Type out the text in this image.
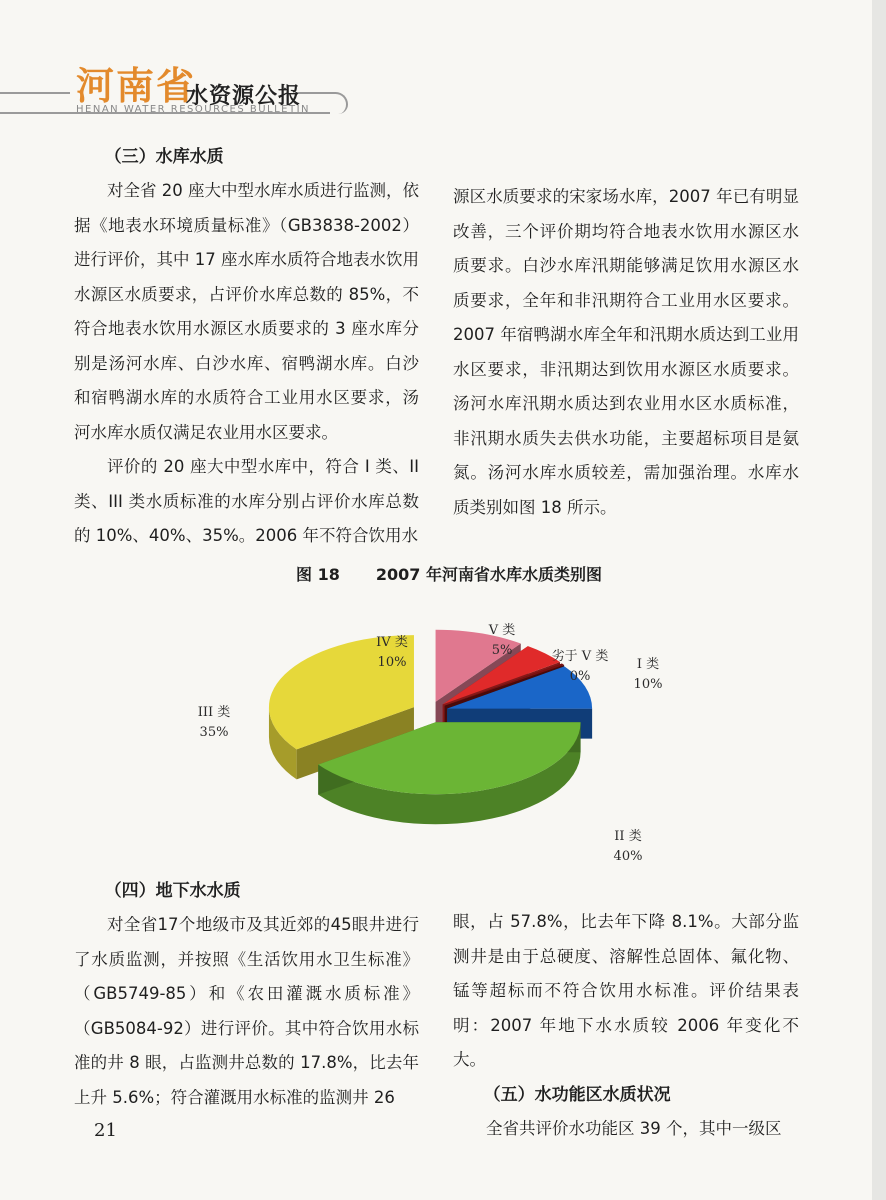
河南省
水资源公报
HENAN WATER RESOURCES BULLETIN
（三）水库水质

对全省 20 座大中型水库水质进行监测，依据《地表水环境质量标准》（GB3838-2002）进行评价，其中 17 座水库水质符合地表水饮用水源区水质要求，占评价水库总数的 85%，不符合地表水饮用水源区水质要求的 3 座水库分别是汤河水库、白沙水库、宿鸭湖水库。白沙和宿鸭湖水库的水质符合工业用水区要求，汤河水库水质仅满足农业用水区要求。

评价的 20 座大中型水库中，符合 I 类、II 类、III 类水质标准的水库分别占评价水库总数的 10%、40%、35%。2006 年不符合饮用水

源区水质要求的宋家场水库，2007 年已有明显改善，三个评价期均符合地表水饮用水源区水质要求。白沙水库汛期能够满足饮用水源区水质要求，全年和非汛期符合工业用水区要求。2007 年宿鸭湖水库全年和汛期水质达到工业用水区要求，非汛期达到饮用水源区水质要求。汤河水库汛期水质达到农业用水区水质标准，非汛期水质失去供水功能，主要超标项目是氨氮。汤河水库水质较差，需加强治理。水库水质类别如图 18 所示。

图 18 2007 年河南省水库水质类别图
I 类
10%
II 类
40%
III 类
35%
IV 类
10%
V 类
5%	劣于 V 类
0%
（四）地下水水质

对全省17个地级市及其近郊的45眼井进行了水质监测，并按照《生活饮用水卫生标准》（GB5749-85）和《农田灌溉水质标准》（GB5084-92）进行评价。其中符合饮用水标准的井 8 眼，占监测井总数的 17.8%，比去年上升 5.6%；符合灌溉用水标准的监测井 26

眼，占 57.8%，比去年下降 8.1%。大部分监测井是由于总硬度、溶解性总固体、氟化物、锰等超标而不符合饮用水标准。评价结果表明：2007 年地下水水质较 2006 年变化不大。

（五）水功能区水质状况

全省共评价水功能区 39 个，其中一级区

21
